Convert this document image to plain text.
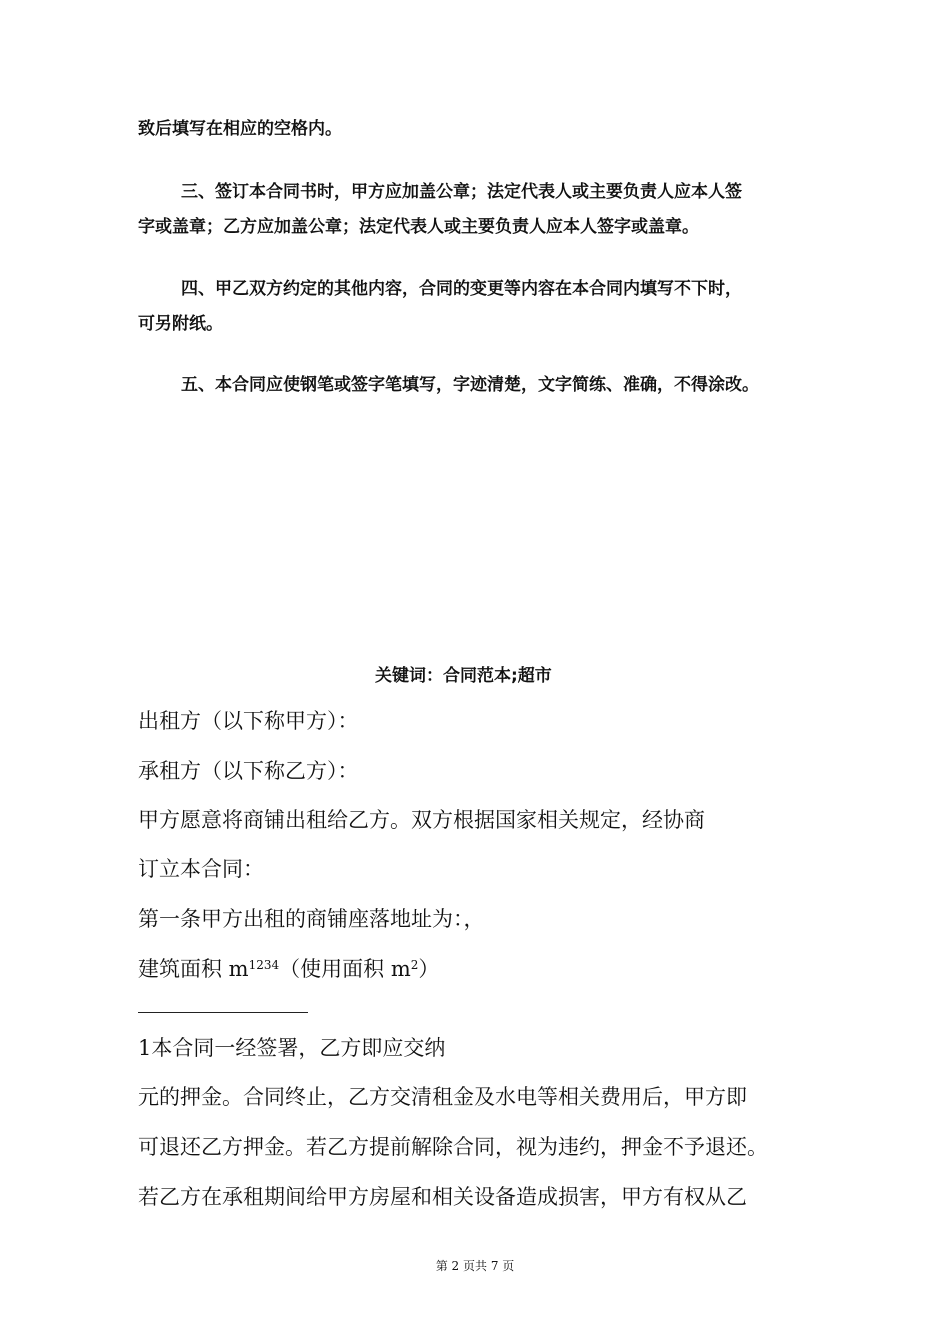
致后填写在相应的空格内。
三、签订本合同书时，甲方应加盖公章；法定代表人或主要负责人应本人签
字或盖章；乙方应加盖公章；法定代表人或主要负责人应本人签字或盖章。
四、甲乙双方约定的其他内容，合同的变更等内容在本合同内填写不下时，
可另附纸。
五、本合同应使钢笔或签字笔填写，字迹清楚，文字简练、准确，不得涂改。
关键词：合同范本;超市
出租方（以下称甲方）：
承租方（以下称乙方）：
甲方愿意将商铺出租给乙方。双方根据国家相关规定，经协商
订立本合同：
第一条甲方出租的商铺座落地址为：，
建筑面积 $m^{1234}$（使用面积 $m^2$）
1本合同一经签署，乙方即应交纳
元的押金。合同终止，乙方交清租金及水电等相关费用后，甲方即
可退还乙方押金。若乙方提前解除合同，视为违约，押金不予退还。
若乙方在承租期间给甲方房屋和相关设备造成损害，甲方有权从乙
第 2 页共 7 页
